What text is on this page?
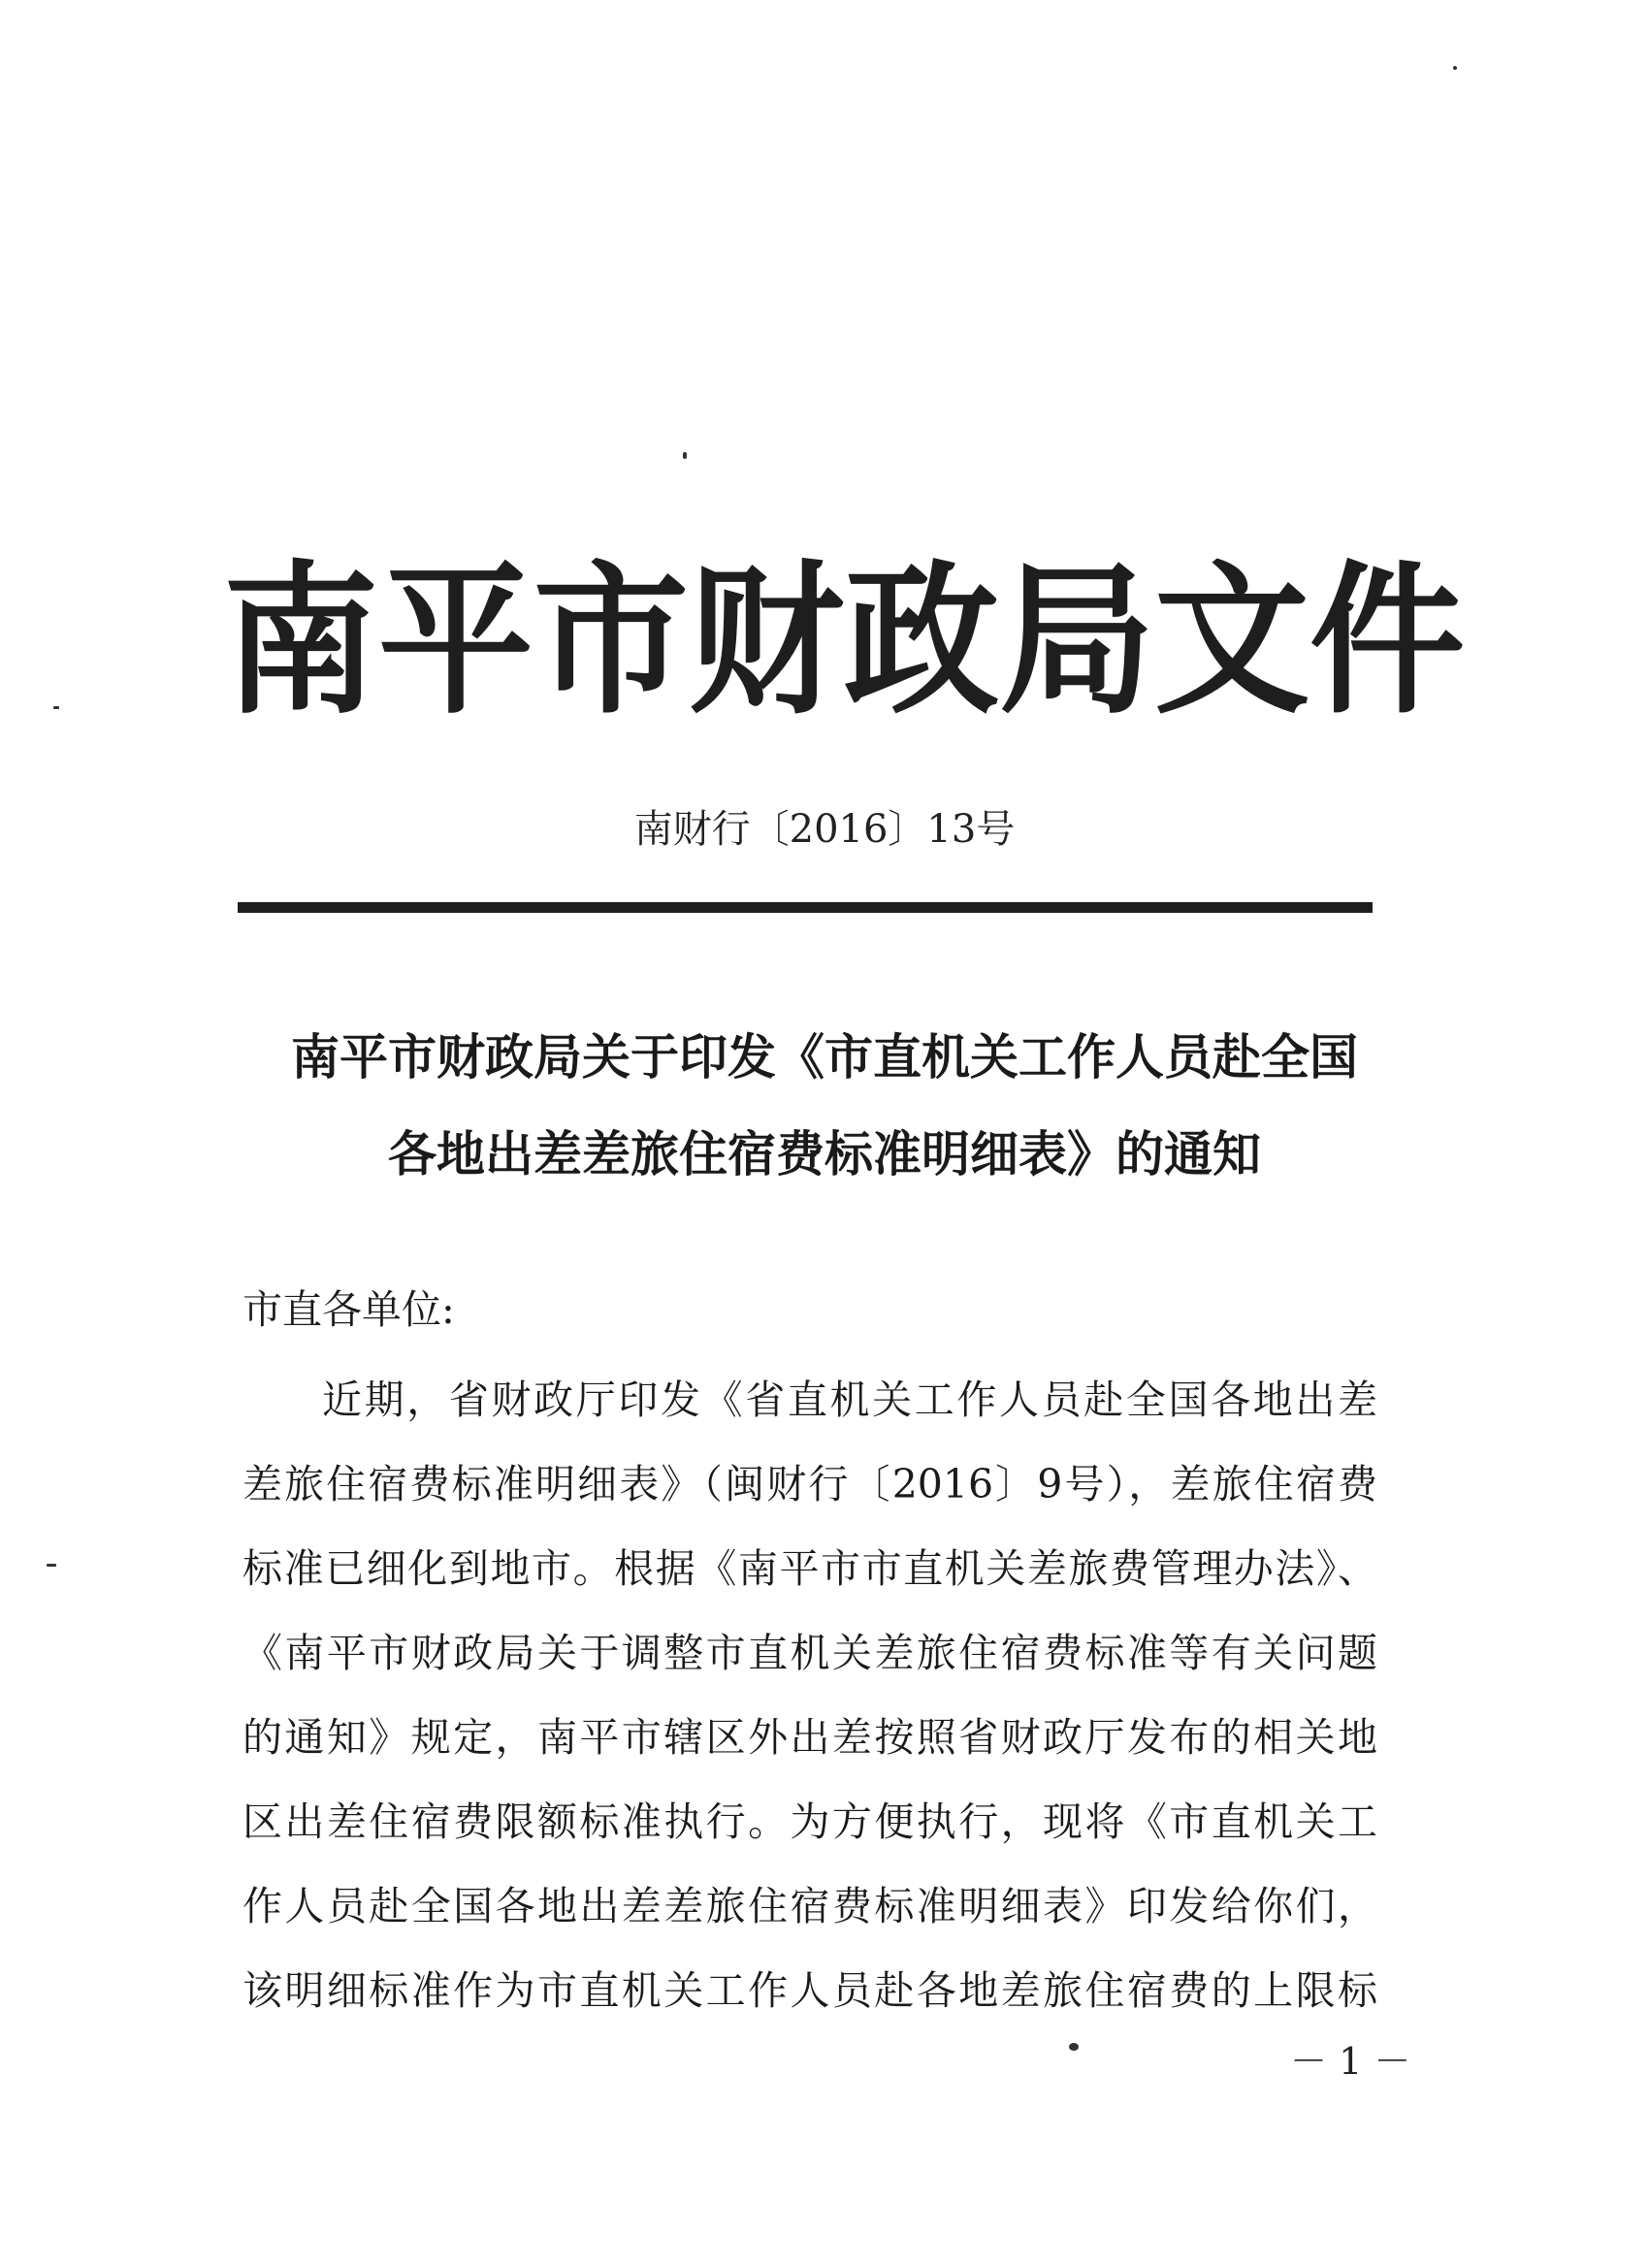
南平市财政局文件
南财行〔2016〕13号
南平市财政局关于印发《市直机关工作人员赴全国
各地出差差旅住宿费标准明细表》的通知
市直各单位:
近期，省财政厅印发《省直机关工作人员赴全国各地出差
差旅住宿费标准明细表》（闽财行〔2016〕9号），差旅住宿费
标准已细化到地市。根据《南平市市直机关差旅费管理办法》、
《南平市财政局关于调整市直机关差旅住宿费标准等有关问题
的通知》规定，南平市辖区外出差按照省财政厅发布的相关地
区出差住宿费限额标准执行。为方便执行，现将《市直机关工
作人员赴全国各地出差差旅住宿费标准明细表》印发给你们，
该明细标准作为市直机关工作人员赴各地差旅住宿费的上限标
－ 1 －
